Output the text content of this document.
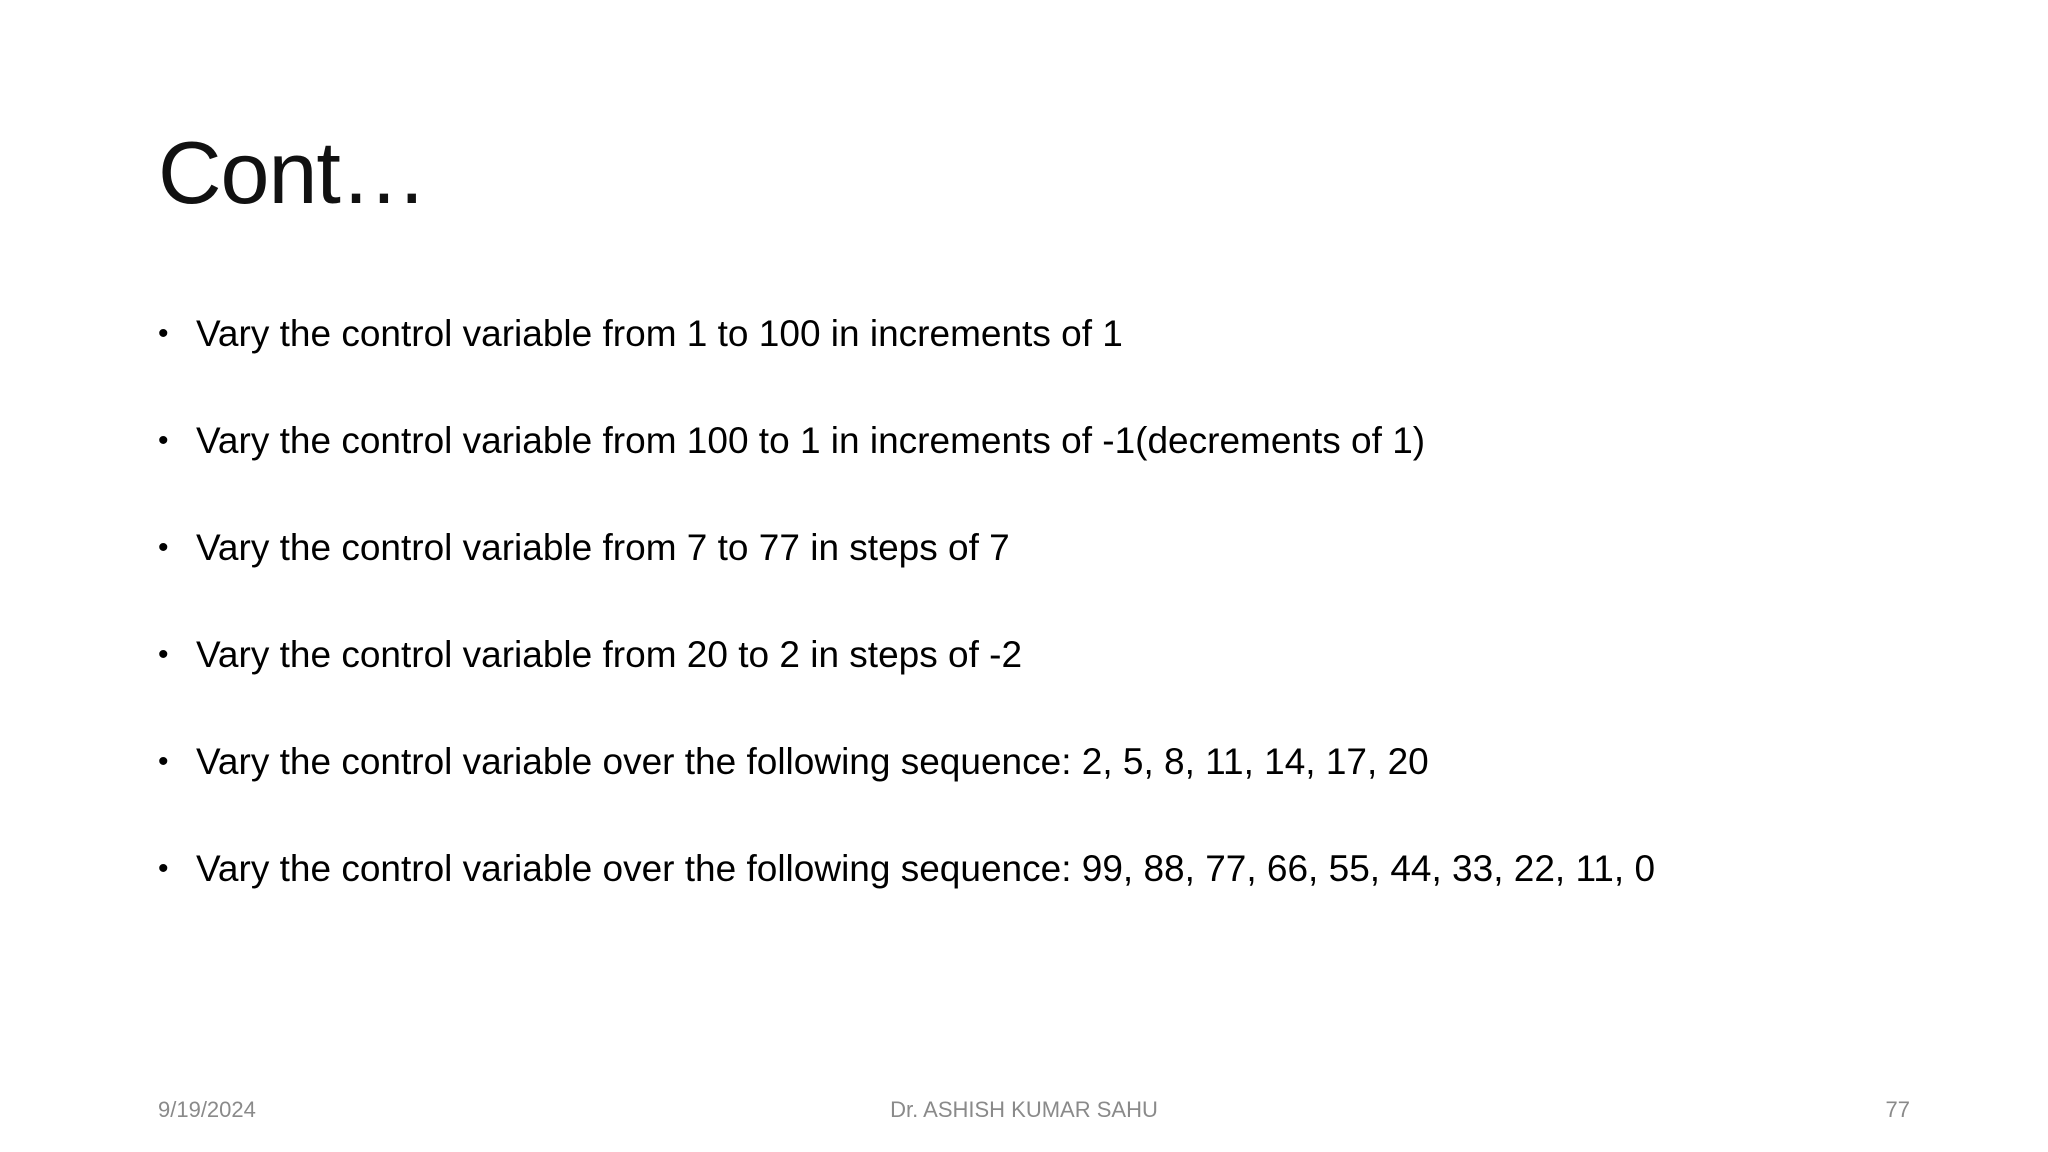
Cont…
• Vary the control variable from 1 to 100 in increments of 1
• Vary the control variable from 100 to 1 in increments of -1(decrements of 1)
• Vary the control variable from 7 to 77 in steps of 7
• Vary the control variable from 20 to 2 in steps of -2
• Vary the control variable over the following sequence: 2, 5, 8, 11, 14, 17, 20
• Vary the control variable over the following sequence: 99, 88, 77, 66, 55, 44, 33, 22, 11, 0
9/19/2024	Dr. ASHISH KUMAR SAHU	77
